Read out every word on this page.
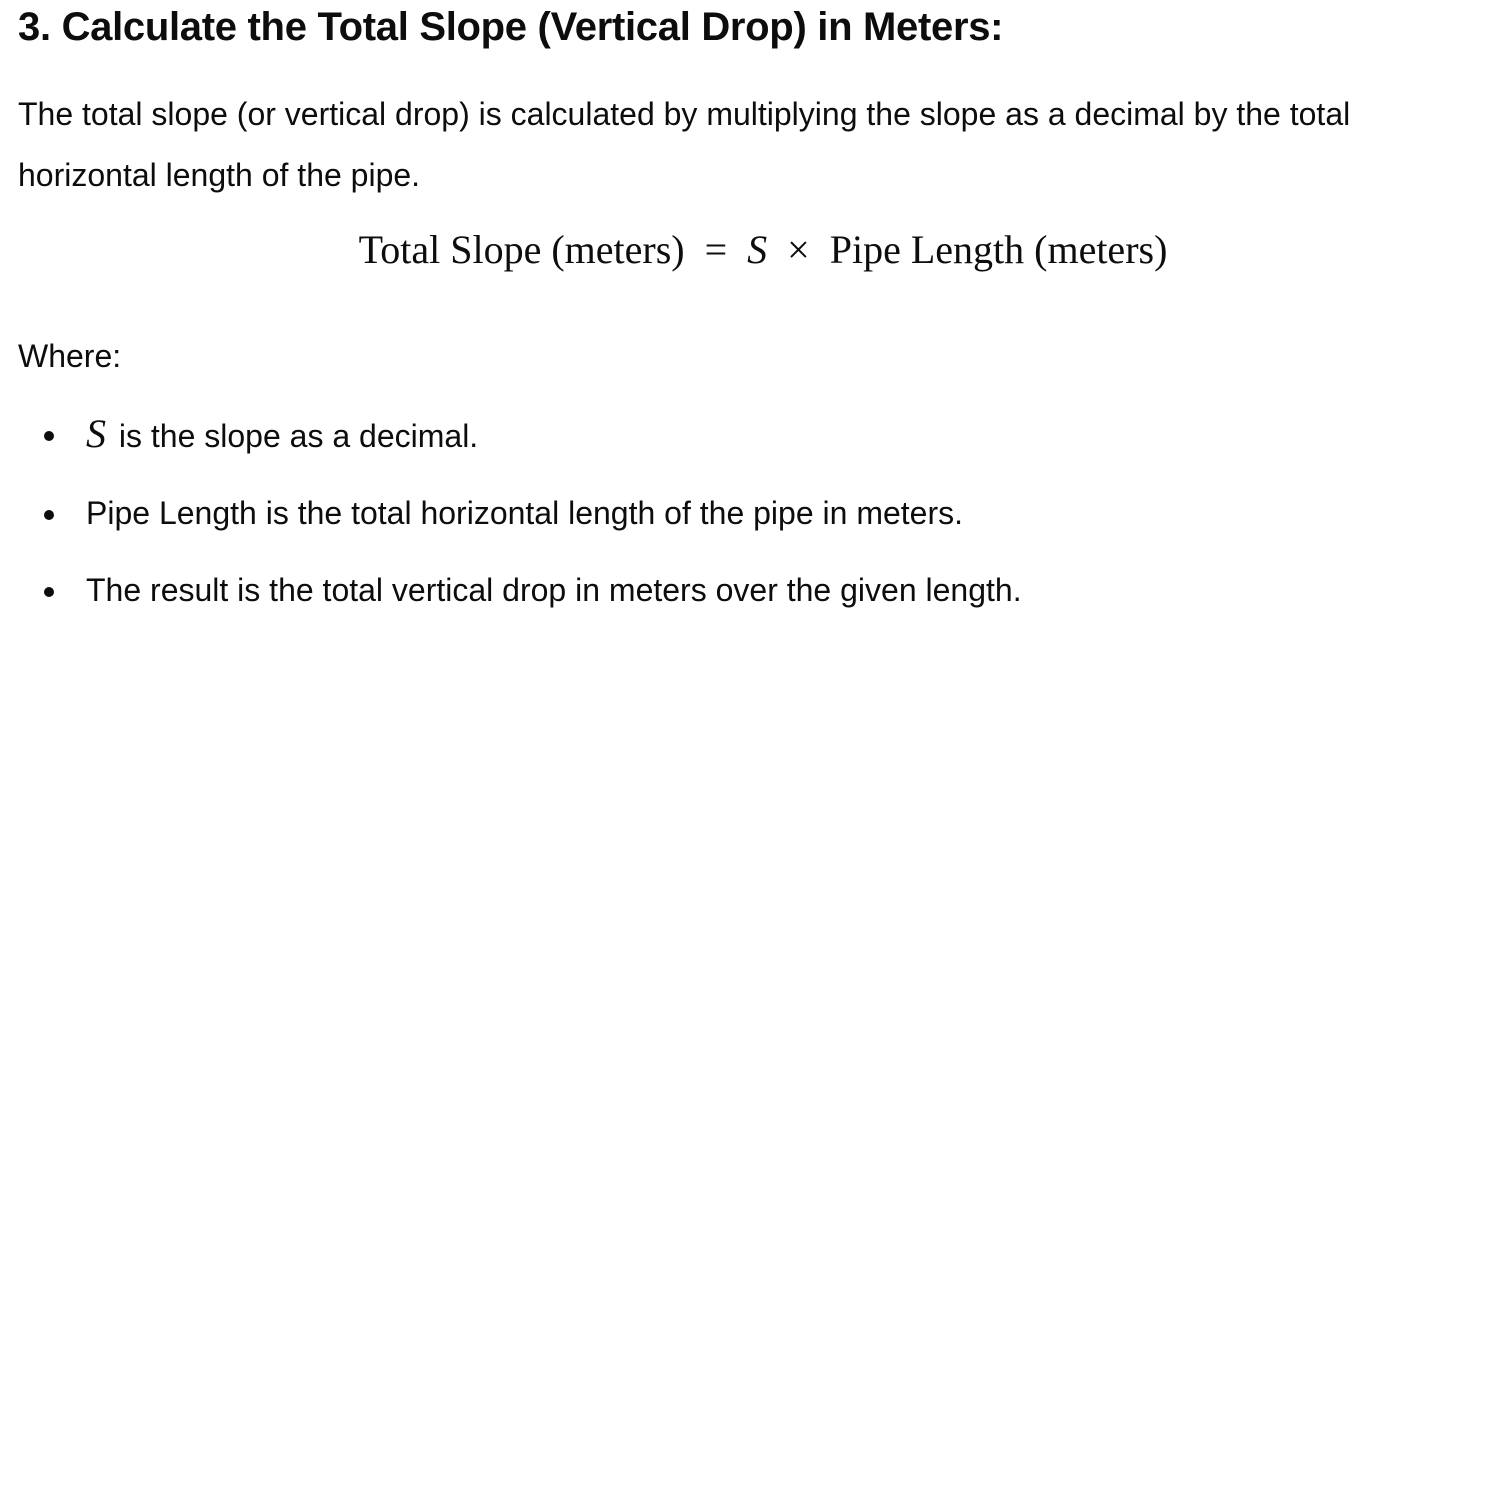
3. Calculate the Total Slope (Vertical Drop) in Meters:

The total slope (or vertical drop) is calculated by multiplying the slope as a decimal by the total horizontal length of the pipe.

Total Slope (meters) = S × Pipe Length (meters)

Where:

S is the slope as a decimal.
Pipe Length is the total horizontal length of the pipe in meters.
The result is the total vertical drop in meters over the given length.
